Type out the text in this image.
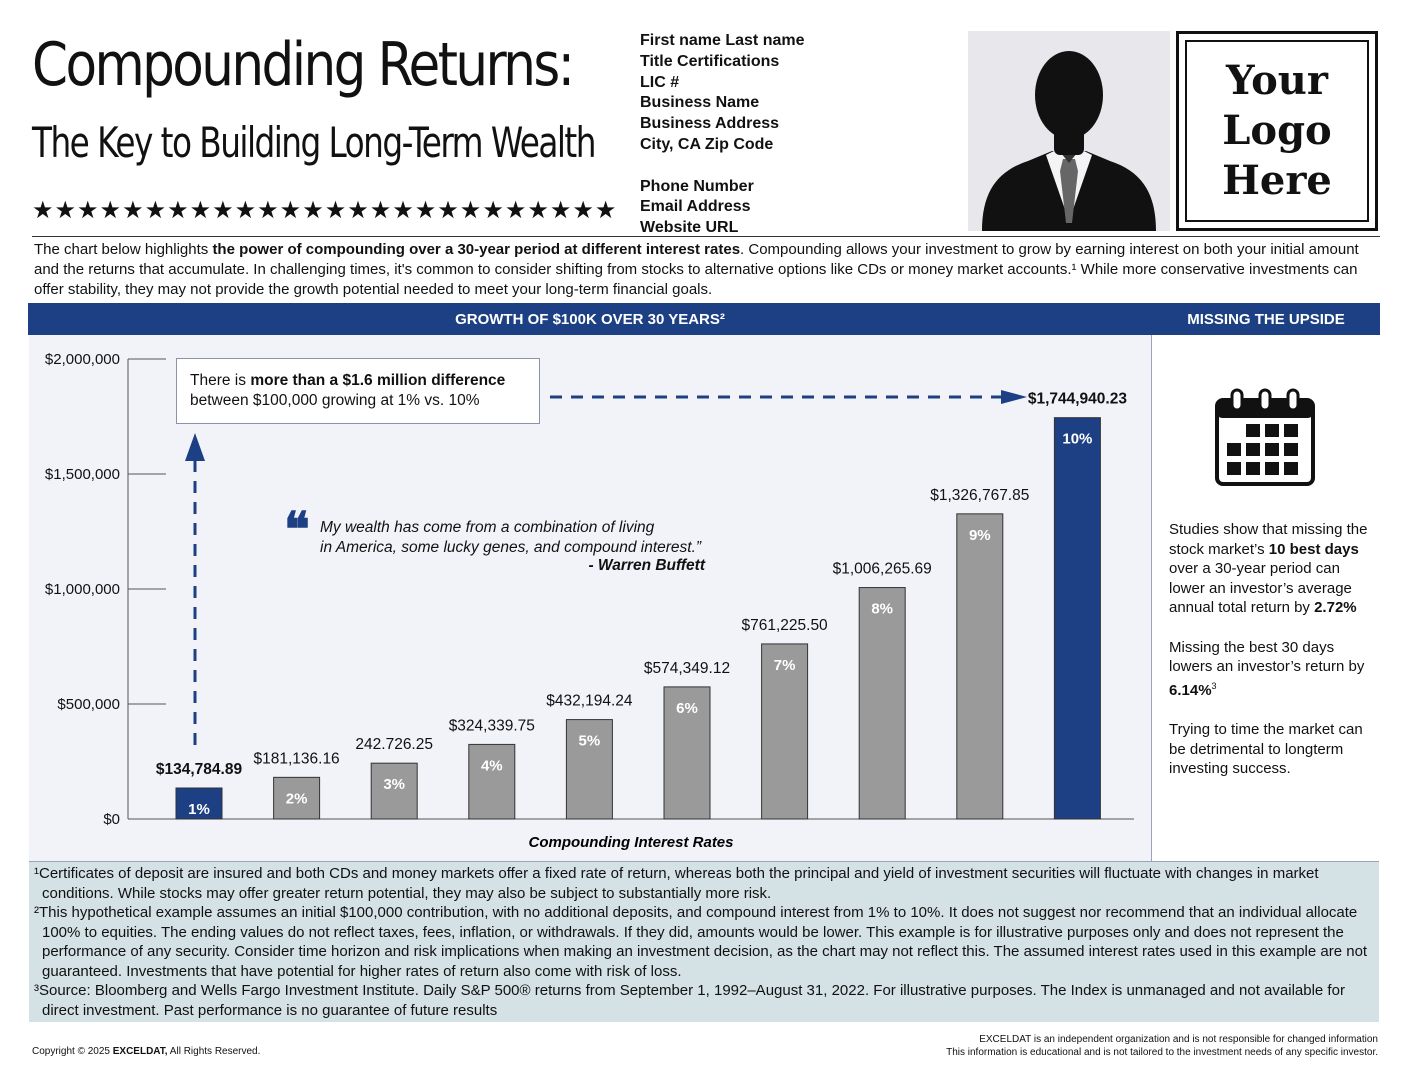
Compounding Returns:
The Key to Building Long-Term Wealth
★★★★★★★★★★★★★★★★★★★★★★★★★★
First name Last name
Title Certifications
LIC #
Business Name
Business Address
City, CA Zip Code
Phone Number
Email Address
Website URL
Your
Logo
Here
The chart below highlights the power of compounding over a 30-year period at different interest rates. Compounding allows your investment to grow by earning interest on both your initial amount and the returns that accumulate. In challenging times, it's common to consider shifting from stocks to alternative options like CDs or money market accounts.¹ While more conservative investments can offer stability, they may not provide the growth potential needed to meet your long-term financial goals.
GROWTH OF $100K OVER 30 YEARS²	MISSING THE UPSIDE
$0
$500,000
$1,000,000
$1,500,000
$2,000,000
1%
$134,784.89
2%
$181,136.16
3%
242.726.25
4%
$324,339.75
5%
$432,194.24	6%
$574,349.12	7%
$761,225.50
8%
$1,006,265.69
9%
$1,326,767.85
10%
$1,744,940.23
Compounding Interest Rates
There is more than a $1.6 million difference
between $100,000 growing at 1% vs. 10%
❝ My wealth has come from a combination of living
in America, some lucky genes, and compound interest.”
- Warren Buffett

Studies show that missing the stock market’s 10 best days over a 30-year period can lower an investor’s average annual total return by 2.72%

Missing the best 30 days lowers an investor’s return by 6.14%$^3$

Trying to time the market can be detrimental to longterm investing success.

¹Certificates of deposit are insured and both CDs and money markets offer a fixed rate of return, whereas both the principal and yield of investment securities will fluctuate with changes in market conditions. While stocks may offer greater return potential, they may also be subject to substantially more risk.
²This hypothetical example assumes an initial $100,000 contribution, with no additional deposits, and compound interest from 1% to 10%. It does not suggest nor recommend that an individual allocate 100% to equities. The ending values do not reflect taxes, fees, inflation, or withdrawals. If they did, amounts would be lower. This example is for illustrative purposes only and does not represent the performance of any security. Consider time horizon and risk implications when making an investment decision, as the chart may not reflect this. The assumed interest rates used in this example are not guaranteed. Investments that have potential for higher rates of return also come with risk of loss.
³Source: Bloomberg and Wells Fargo Investment Institute. Daily S&P 500® returns from September 1, 1992–August 31, 2022. For illustrative purposes. The Index is unmanaged and not available for direct investment. Past performance is no guarantee of future results
Copyright © 2025 EXCELDAT, All Rights Reserved.
EXCELDAT is an independent organization and is not responsible for changed information
This information is educational and is not tailored to the investment needs of any specific investor.
